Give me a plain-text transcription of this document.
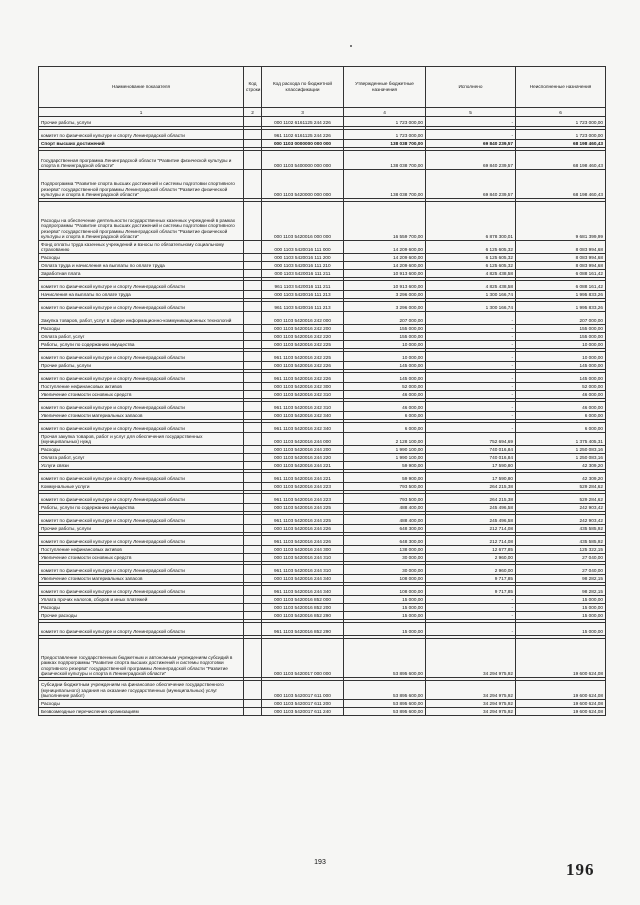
Наименование показателя	Код строки	Код расхода по бюджетной классификации	Утвержденные бюджетные назначения	Исполнено	Неисполненные назначения
1	2	3	4	5	6
Прочие работы, услуги		000 1102 6161125 244 226	1 723 000,00	-	1 723 000,00

комитет по физической культуре и спорту Ленинградской области		961 1102 6161125 244 226	1 723 000,00	-	1 723 000,00
Спорт высших достижений		000 1103 0000000 000 000	138 038 700,00	69 840 239,57	68 198 460,43

Государственная программа Ленинградской области "Развитие физической культуры и спорта в Ленинградской области"		000 1103 5400000 000 000	138 038 700,00	69 840 239,57	68 198 460,43
Подпрограмма "Развитие спорта высших достижений и системы подготовки спортивного резерва" государственной программы Ленинградской области "Развитие физической культуры и спорта в Ленинградской области"		000 1103 5420000 000 000	138 038 700,00	69 840 239,57	68 198 460,43

Расходы на обеспечение деятельности государственных казенных учреждений в рамках подпрограммы "Развитие спорта высших достижений и системы подготовки спортивного резерва" государственной программы Ленинградской области "Развитие физической культуры и спорта в Ленинградской области"		000 1103 5420016 000 000	16 559 700,00	6 878 300,01	9 681 399,99
Фонд оплаты труда казенных учреждений и взносы по обязательному социальному страхованию		000 1103 5420016 111 000	14 209 600,00	6 125 605,32	8 083 994,68
Расходы		000 1103 5420016 111 200	14 209 600,00	6 125 605,32	8 083 994,68
Оплата труда и начисления на выплаты по оплате труда		000 1103 5420016 111 210	14 209 600,00	6 125 605,32	8 083 994,68
Заработная плата		000 1103 5420016 111 211	10 913 600,00	4 825 438,58	6 088 161,42

комитет по физической культуре и спорту Ленинградской области		961 1103 5420016 111 211	10 913 600,00	4 825 438,58	6 088 161,42
Начисления на выплаты по оплате труда		000 1103 5420016 111 213	3 296 000,00	1 300 166,74	1 995 833,26

комитет по физической культуре и спорту Ленинградской области		961 1103 5420016 111 213	3 296 000,00	1 300 166,74	1 995 833,26
Закупка товаров, работ, услуг в сфере информационно-коммуникационных технологий		000 1103 5420016 242 000	207 000,00	-	207 000,00
Расходы		000 1103 5420016 242 200	155 000,00	-	155 000,00
Оплата работ, услуг		000 1103 5420016 242 220	155 000,00	-	155 000,00
Работы, услуги по содержанию имущества		000 1103 5420016 242 225	10 000,00	-	10 000,00

комитет по физической культуре и спорту Ленинградской области		961 1103 5420016 242 225	10 000,00	-	10 000,00
Прочие работы, услуги		000 1103 5420016 242 226	145 000,00	-	145 000,00

комитет по физической культуре и спорту Ленинградской области		961 1103 5420016 242 226	145 000,00	-	145 000,00
Поступление нефинансовых активов		000 1103 5420016 242 300	52 000,00	-	52 000,00
Увеличение стоимости основных средств		000 1103 5420016 242 310	46 000,00	-	46 000,00

комитет по физической культуре и спорту Ленинградской области		961 1103 5420016 242 310	46 000,00	-	46 000,00
Увеличение стоимости материальных запасов		000 1103 5420016 242 340	6 000,00	-	6 000,00

комитет по физической культуре и спорту Ленинградской области		961 1103 5420016 242 340	6 000,00	-	6 000,00
Прочая закупка товаров, работ и услуг для обеспечения государственных (муниципальных) нужд		000 1103 5420016 244 000	2 128 100,00	752 694,69	1 375 405,31
Расходы		000 1103 5420016 244 200	1 990 100,00	740 016,84	1 250 083,16
Оплата работ, услуг		000 1103 5420016 244 220	1 990 100,00	740 016,84	1 250 083,16
Услуги связи		000 1103 5420016 244 221	59 900,00	17 590,80	42 309,20

комитет по физической культуре и спорту Ленинградской области		961 1103 5420016 244 221	59 900,00	17 590,80	42 309,20
Коммунальные услуги		000 1103 5420016 244 223	793 500,00	264 215,38	529 284,62

комитет по физической культуре и спорту Ленинградской области		961 1103 5420016 244 223	793 500,00	264 215,38	529 284,62
Работы, услуги по содержанию имущества		000 1103 5420016 244 225	488 400,00	245 496,58	242 903,42

комитет по физической культуре и спорту Ленинградской области		961 1103 5420016 244 225	488 400,00	245 496,58	242 903,42
Прочие работы, услуги		000 1103 5420016 244 226	648 300,00	212 714,08	435 585,92

комитет по физической культуре и спорту Ленинградской области		961 1103 5420016 244 226	648 300,00	212 714,08	435 585,92
Поступление нефинансовых активов		000 1103 5420016 244 300	138 000,00	12 677,85	125 322,15
Увеличение стоимости основных средств		000 1103 5420016 244 310	30 000,00	2 960,00	27 040,00

комитет по физической культуре и спорту Ленинградской области		961 1103 5420016 244 310	30 000,00	2 960,00	27 040,00
Увеличение стоимости материальных запасов		000 1103 5420016 244 340	108 000,00	9 717,85	98 282,15

комитет по физической культуре и спорту Ленинградской области		961 1103 5420016 244 340	108 000,00	9 717,85	98 282,15
Уплата прочих налогов, сборов и иных платежей		000 1103 5420016 852 000	15 000,00	-	15 000,00
Расходы		000 1103 5420016 852 200	15 000,00	-	15 000,00
Прочие расходы		000 1103 5420016 852 290	15 000,00	-	15 000,00

комитет по физической культуре и спорту Ленинградской области		961 1103 5420016 852 290	15 000,00	-	15 000,00

Предоставление государственным бюджетным и автономным учреждениям субсидий в рамках подпрограммы "Развитие спорта высших достижений и системы подготовки спортивного резерва" государственной программы Ленинградской области "Развитие физической культуры и спорта в Ленинградской области"		000 1103 5420017 000 000	53 895 600,00	34 294 975,92	19 600 624,08

Субсидии бюджетным учреждениям на финансовое обеспечение государственного (муниципального) задания на оказание государственных (муниципальных) услуг (выполнение работ)		000 1103 5420017 611 000	53 895 600,00	34 294 975,92	19 600 624,08
Расходы		000 1103 5420017 611 200	53 895 600,00	34 294 975,92	19 600 624,08
Безвозмездные перечисления организациям		000 1103 5420017 611 240	53 895 600,00	34 294 975,92	19 600 624,08
193	196
